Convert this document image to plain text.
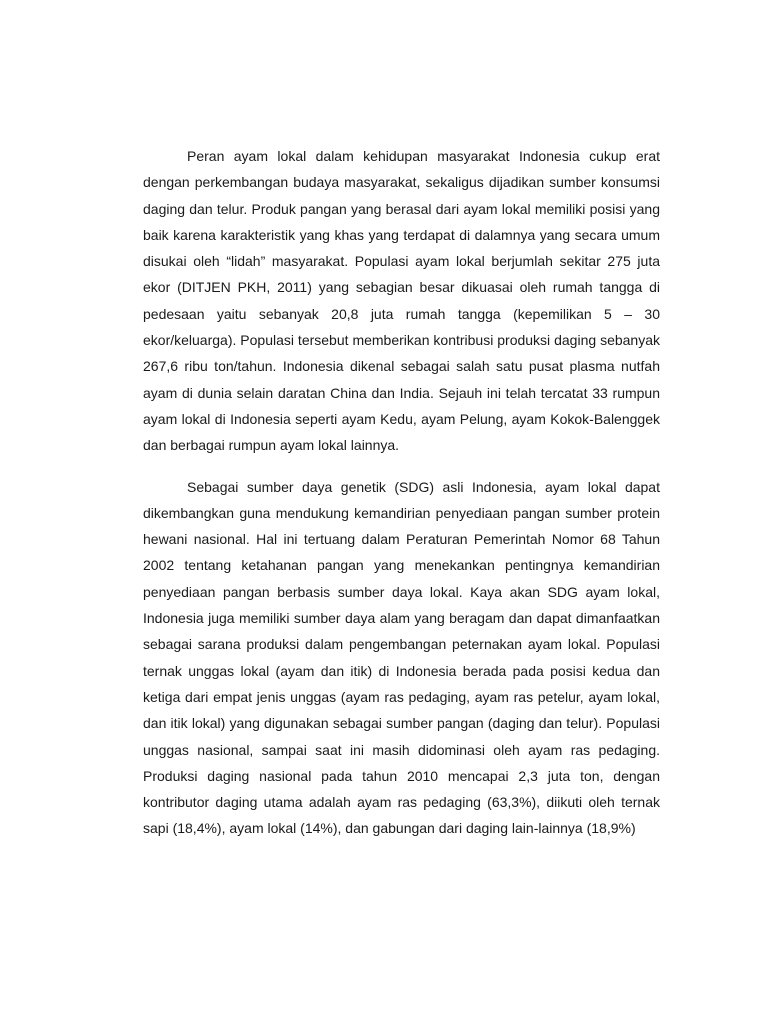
Peran ayam lokal dalam kehidupan masyarakat Indonesia cukup erat dengan perkembangan budaya masyarakat, sekaligus dijadikan sumber konsumsi daging dan telur. Produk pangan yang berasal dari ayam lokal memiliki posisi yang baik karena karakteristik yang khas yang terdapat di dalamnya yang secara umum disukai oleh “lidah” masyarakat. Populasi ayam lokal berjumlah sekitar 275 juta ekor (DITJEN PKH, 2011) yang sebagian besar dikuasai oleh rumah tangga di pedesaan yaitu sebanyak 20,8 juta rumah tangga (kepemilikan 5 – 30 ekor/keluarga). Populasi tersebut memberikan kontribusi produksi daging sebanyak 267,6 ribu ton/tahun. Indonesia dikenal sebagai salah satu pusat plasma nutfah ayam di dunia selain daratan China dan India. Sejauh ini telah tercatat 33 rumpun ayam lokal di Indonesia seperti ayam Kedu, ayam Pelung, ayam Kokok-Balenggek dan berbagai rumpun ayam lokal lainnya.

Sebagai sumber daya genetik (SDG) asli Indonesia, ayam lokal dapat dikembangkan guna mendukung kemandirian penyediaan pangan sumber protein hewani nasional. Hal ini tertuang dalam Peraturan Pemerintah Nomor 68 Tahun 2002 tentang ketahanan pangan yang menekankan pentingnya kemandirian penyediaan pangan berbasis sumber daya lokal. Kaya akan SDG ayam lokal, Indonesia juga memiliki sumber daya alam yang beragam dan dapat dimanfaatkan sebagai sarana produksi dalam pengembangan peternakan ayam lokal. Populasi ternak unggas lokal (ayam dan itik) di Indonesia berada pada posisi kedua dan ketiga dari empat jenis unggas (ayam ras pedaging, ayam ras petelur, ayam lokal, dan itik lokal) yang digunakan sebagai sumber pangan (daging dan telur). Populasi unggas nasional, sampai saat ini masih didominasi oleh ayam ras pedaging. Produksi daging nasional pada tahun 2010 mencapai 2,3 juta ton, dengan kontributor daging utama adalah ayam ras pedaging (63,3%), diikuti oleh ternak sapi (18,4%), ayam lokal (14%), dan gabungan dari daging lain-lainnya (18,9%)
